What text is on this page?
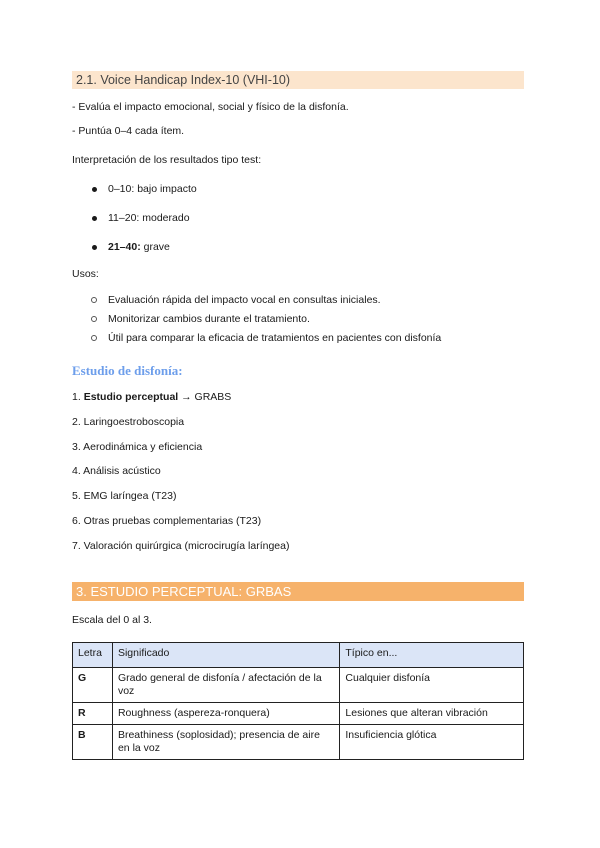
2.1. Voice Handicap Index-10 (VHI-10)
- Evalúa el impacto emocional, social y físico de la disfonía.
- Puntúa 0–4 cada ítem.
Interpretación de los resultados tipo test:
0–10: bajo impacto
11–20: moderado
21–40: grave
Usos:
Evaluación rápida del impacto vocal en consultas iniciales.
Monitorizar cambios durante el tratamiento.
Útil para comparar la eficacia de tratamientos en pacientes con disfonía
Estudio de disfonía:
1. Estudio perceptual → GRABS
2. Laringoestroboscopia
3. Aerodinámica y eficiencia
4. Análisis acústico
5. EMG laríngea (T23)
6. Otras pruebas complementarias (T23)
7. Valoración quirúrgica (microcirugía laríngea)
3. ESTUDIO PERCEPTUAL: GRBAS
Escala del 0 al 3.
Letra	Significado	Típico en...
G	Grado general de disfonía / afectación de la voz	Cualquier disfonía
R	Roughness (aspereza-ronquera)	Lesiones que alteran vibración
B	Breathiness (soplosidad); presencia de aire en la voz	Insuficiencia glótica
